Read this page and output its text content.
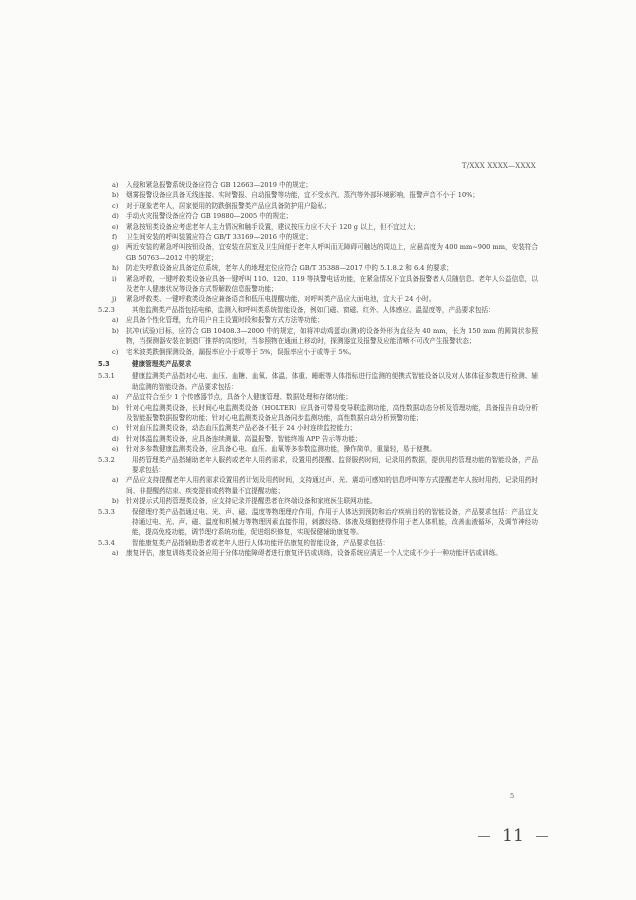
T/XXX XXXX—XXXX
a)	入侵和紧急报警系统设备应符合 GB 12663—2019 中的规定；
b)	烟雾报警设备应具备无线连接、实时警报、自动报警等功能，宜不受水汽、蒸汽等外部环境影响，报警声音不小于 10%；
c)	对于现象老年人，居家便用的防跌倒报警类产品应具备防护用户隐私；
d)	手动火灾报警设备应符合 GB 19880—2005 中的规定；
e)	紧急按钮类设备应考虑老年人主力情况和触手设置，建议按压力应不大于 120 g 以上，但不宜过大；
f)	卫生间安装的呼叫装置应符合 GB/T 33169—2016 中的规定；
g)	两近安装的紧急呼叫按钮设备，宜安装在居室及卫生间便于老年人呼叫而无障碍可触达的周边上，应悬高度为 400 mm~900 mm，安装符合 GB 50763—2012 中的规定；
h)	防走失呼救设备应具备定位系统，老年人的地理定位应符合 GB/T 35388—2017 中的 5.1.8.2 和 6.4 的要求；
i)	紧急呼救，一键呼救类设备应具备一键呼叫 110、120、119 等执警电话功能，在紧急情况下宜具备报警者人员随信息、老年人公益信息，以及老年人健康状况等设备方式帮解救信息报警功能；
j)	紧急呼救类、一键呼救类设备应兼备语音和低压电提醒功能，对呼叫类产品应大面电池，宜大于 24 小时。
5.2.3	其他监测类产品指包括电梯，监测入和呼叫类系统智能设备，例如门磁、窗磁、红外、人体感应、温湿度等，产品要求包括：
a)	应具备个性化管理，允许用户自主设置时段和报警方式方法等功能；
b)	抗冲(试验)目标，应符合 GB 10408.3—2000 中的规定，如将冲动鸡蛋动(测)的设备外形为直径为 40 mm，长为 150 mm 的圆筒状参照物，当探测器安装在制造厂推荐的高度时，当参照物在通面上移动时，探测器宜及报警及应能清晰不可改产生报警状态；
c)	宅米波类跌倒探测设备，漏报率应小于或等于 5%，误报率应小于或等于 5%。
5.3	健康管理类产品要求
5.3.1	健康监测类产品指对心电、血压、血糖、血氧、体温、体重、睡眠等人体指标进行监测的便携式智能设备以及对人体体征参数进行检测、辅助监测的智能设备。产品要求包括：
a)	产品宜符合至少 1 个传感器节点，具备个人健康管理、数据处理和存储功能；
b)	针对心电监测类设备，长时间心电监测类设备（HOLTER）应具备可带易变导联监测功能，高性数据动态分析及管理功能，具备报告自动分析及智能报警数据报警的功能；针对心电监测类设备应具备同步监测功能，高性数据自动分析预警功能；
c)	针对血压监测类设备，动态血压监测类产品必备不低于 24 小时连续监控能力；
d)	针对体温监测类设备，应具备连续测量、高温报警、智能终端 APP 告示等功能；
e)	针对多参数健康监测类设备，应具备心电、血压、血氧等多参数监测功能，操作简单，重量轻，易于便携。
5.3.2	用药管理类产品指辅助老年人服药或老年人用药需求，设置用药提醒、监督服药时间，记录用药数据，提供用药管理功能的智能设备，产品要求包括：
a)	产品应支持提醒老年人用药需求设置用药计划及用药时间，支持通过声、光、震动可感知的信息呼叫等方式提醒老年人按时用药，记录用药时间、非提醒药结束、疾变提前或药物量不宜提醒功能；
b)	针对提示式用药管理类设备，应支持记录并提醒患者在终端设备和家庭医生联网功能。
5.3.3	保健理疗类产品指通过电、光、声、磁、温度等物理理疗作用，作用于人体达到预防和治疗疾病目的的智能设备，产品要求包括：产品宜支持通过电、光、声、磁、温度和机械力等物理因素直接作用，刺激经络、体液及细胞使得作用于老人体机能，改善血液循环，及调节神经功能，提高免疫功能，调节理疗系统功能，促进组织修复，实现保健辅助康复等。
5.3.4	智能康复类产品指辅助患者或老年人进行人体功能评估康复的智能设备，产品要求包括：
a)	康复评估，康复训练类设备应用于分体功能障碍者进行康复评估或训练，设备系统应满足一个人完成不少于一种功能评估或训练。
5
11
